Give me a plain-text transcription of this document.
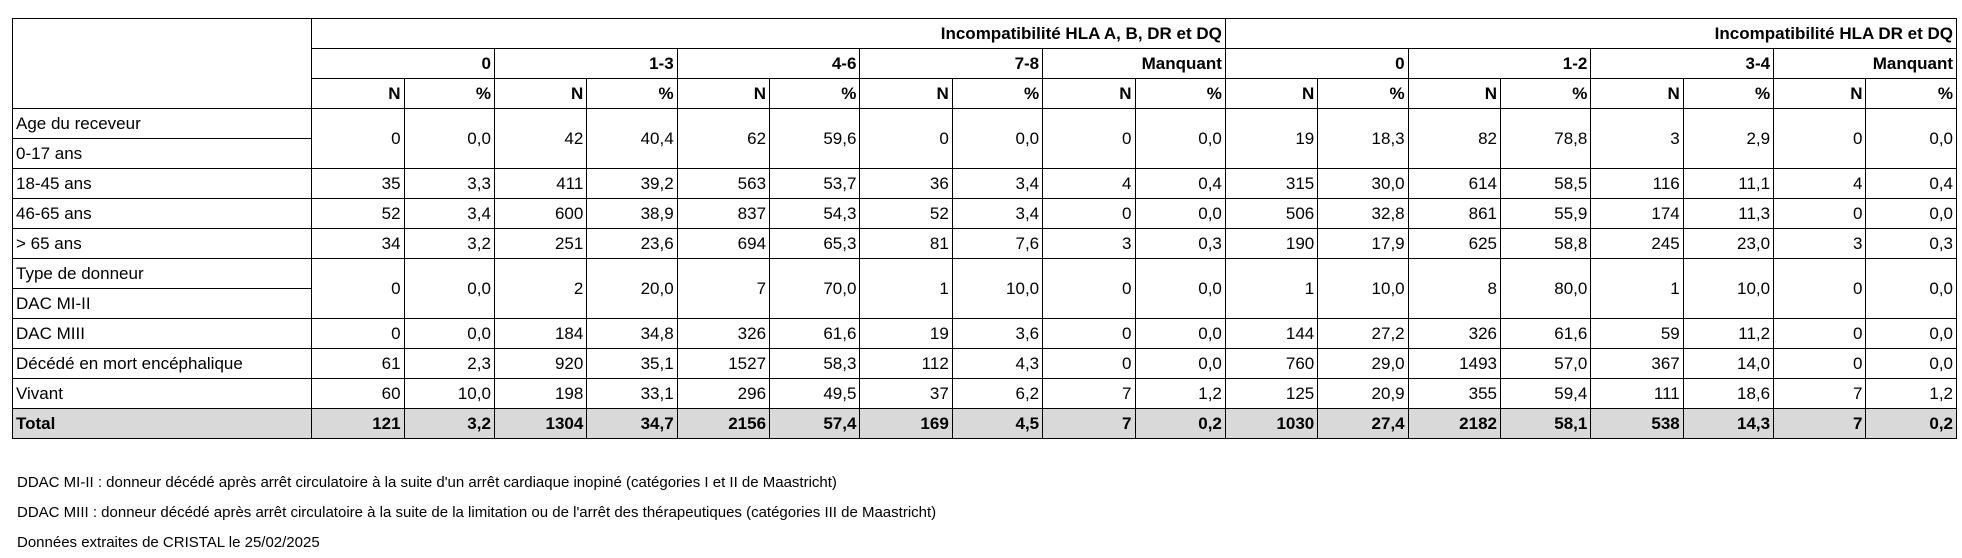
	Incompatibilité HLA A, B, DR et DQ										Incompatibilité HLA DR et DQ							
	0		1-3		4-6		7-8		Manquant		0		1-2		3-4		Manquant	
	N	%	N	%	N	%	N	%	N	%	N	%	N	%	N	%	N	%

Age du receveur
0-17 ans	0	0,0	42	40,4	62	59,6	0	0,0	0	0,0	19	18,3	82	78,8	3	2,9	0	0,0
18-45 ans	35	3,3	411	39,2	563	53,7	36	3,4	4	0,4	315	30,0	614	58,5	116	11,1	4	0,4
46-65 ans	52	3,4	600	38,9	837	54,3	52	3,4	0	0,0	506	32,8	861	55,9	174	11,3	0	0,0
> 65 ans	34	3,2	251	23,6	694	65,3	81	7,6	3	0,3	190	17,9	625	58,8	245	23,0	3	0,3

Type de donneur
DAC MI-II	0	0,0	2	20,0	7	70,0	1	10,0	0	0,0	1	10,0	8	80,0	1	10,0	0	0,0
DAC MIII	0	0,0	184	34,8	326	61,6	19	3,6	0	0,0	144	27,2	326	61,6	59	11,2	0	0,0
Décédé en mort encéphalique	61	2,3	920	35,1	1527	58,3	112	4,3	0	0,0	760	29,0	1493	57,0	367	14,0	0	0,0
Vivant	60	10,0	198	33,1	296	49,5	37	6,2	7	1,2	125	20,9	355	59,4	111	18,6	7	1,2
Total	121	3,2	1304	34,7	2156	57,4	169	4,5	7	0,2	1030	27,4	2182	58,1	538	14,3	7	0,2
DDAC MI-II : donneur décédé après arrêt circulatoire à la suite d'un arrêt cardiaque inopiné (catégories I et II de Maastricht)
DDAC MIII : donneur décédé après arrêt circulatoire à la suite de la limitation ou de l'arrêt des thérapeutiques (catégories III de Maastricht)
Données extraites de CRISTAL le 25/02/2025
